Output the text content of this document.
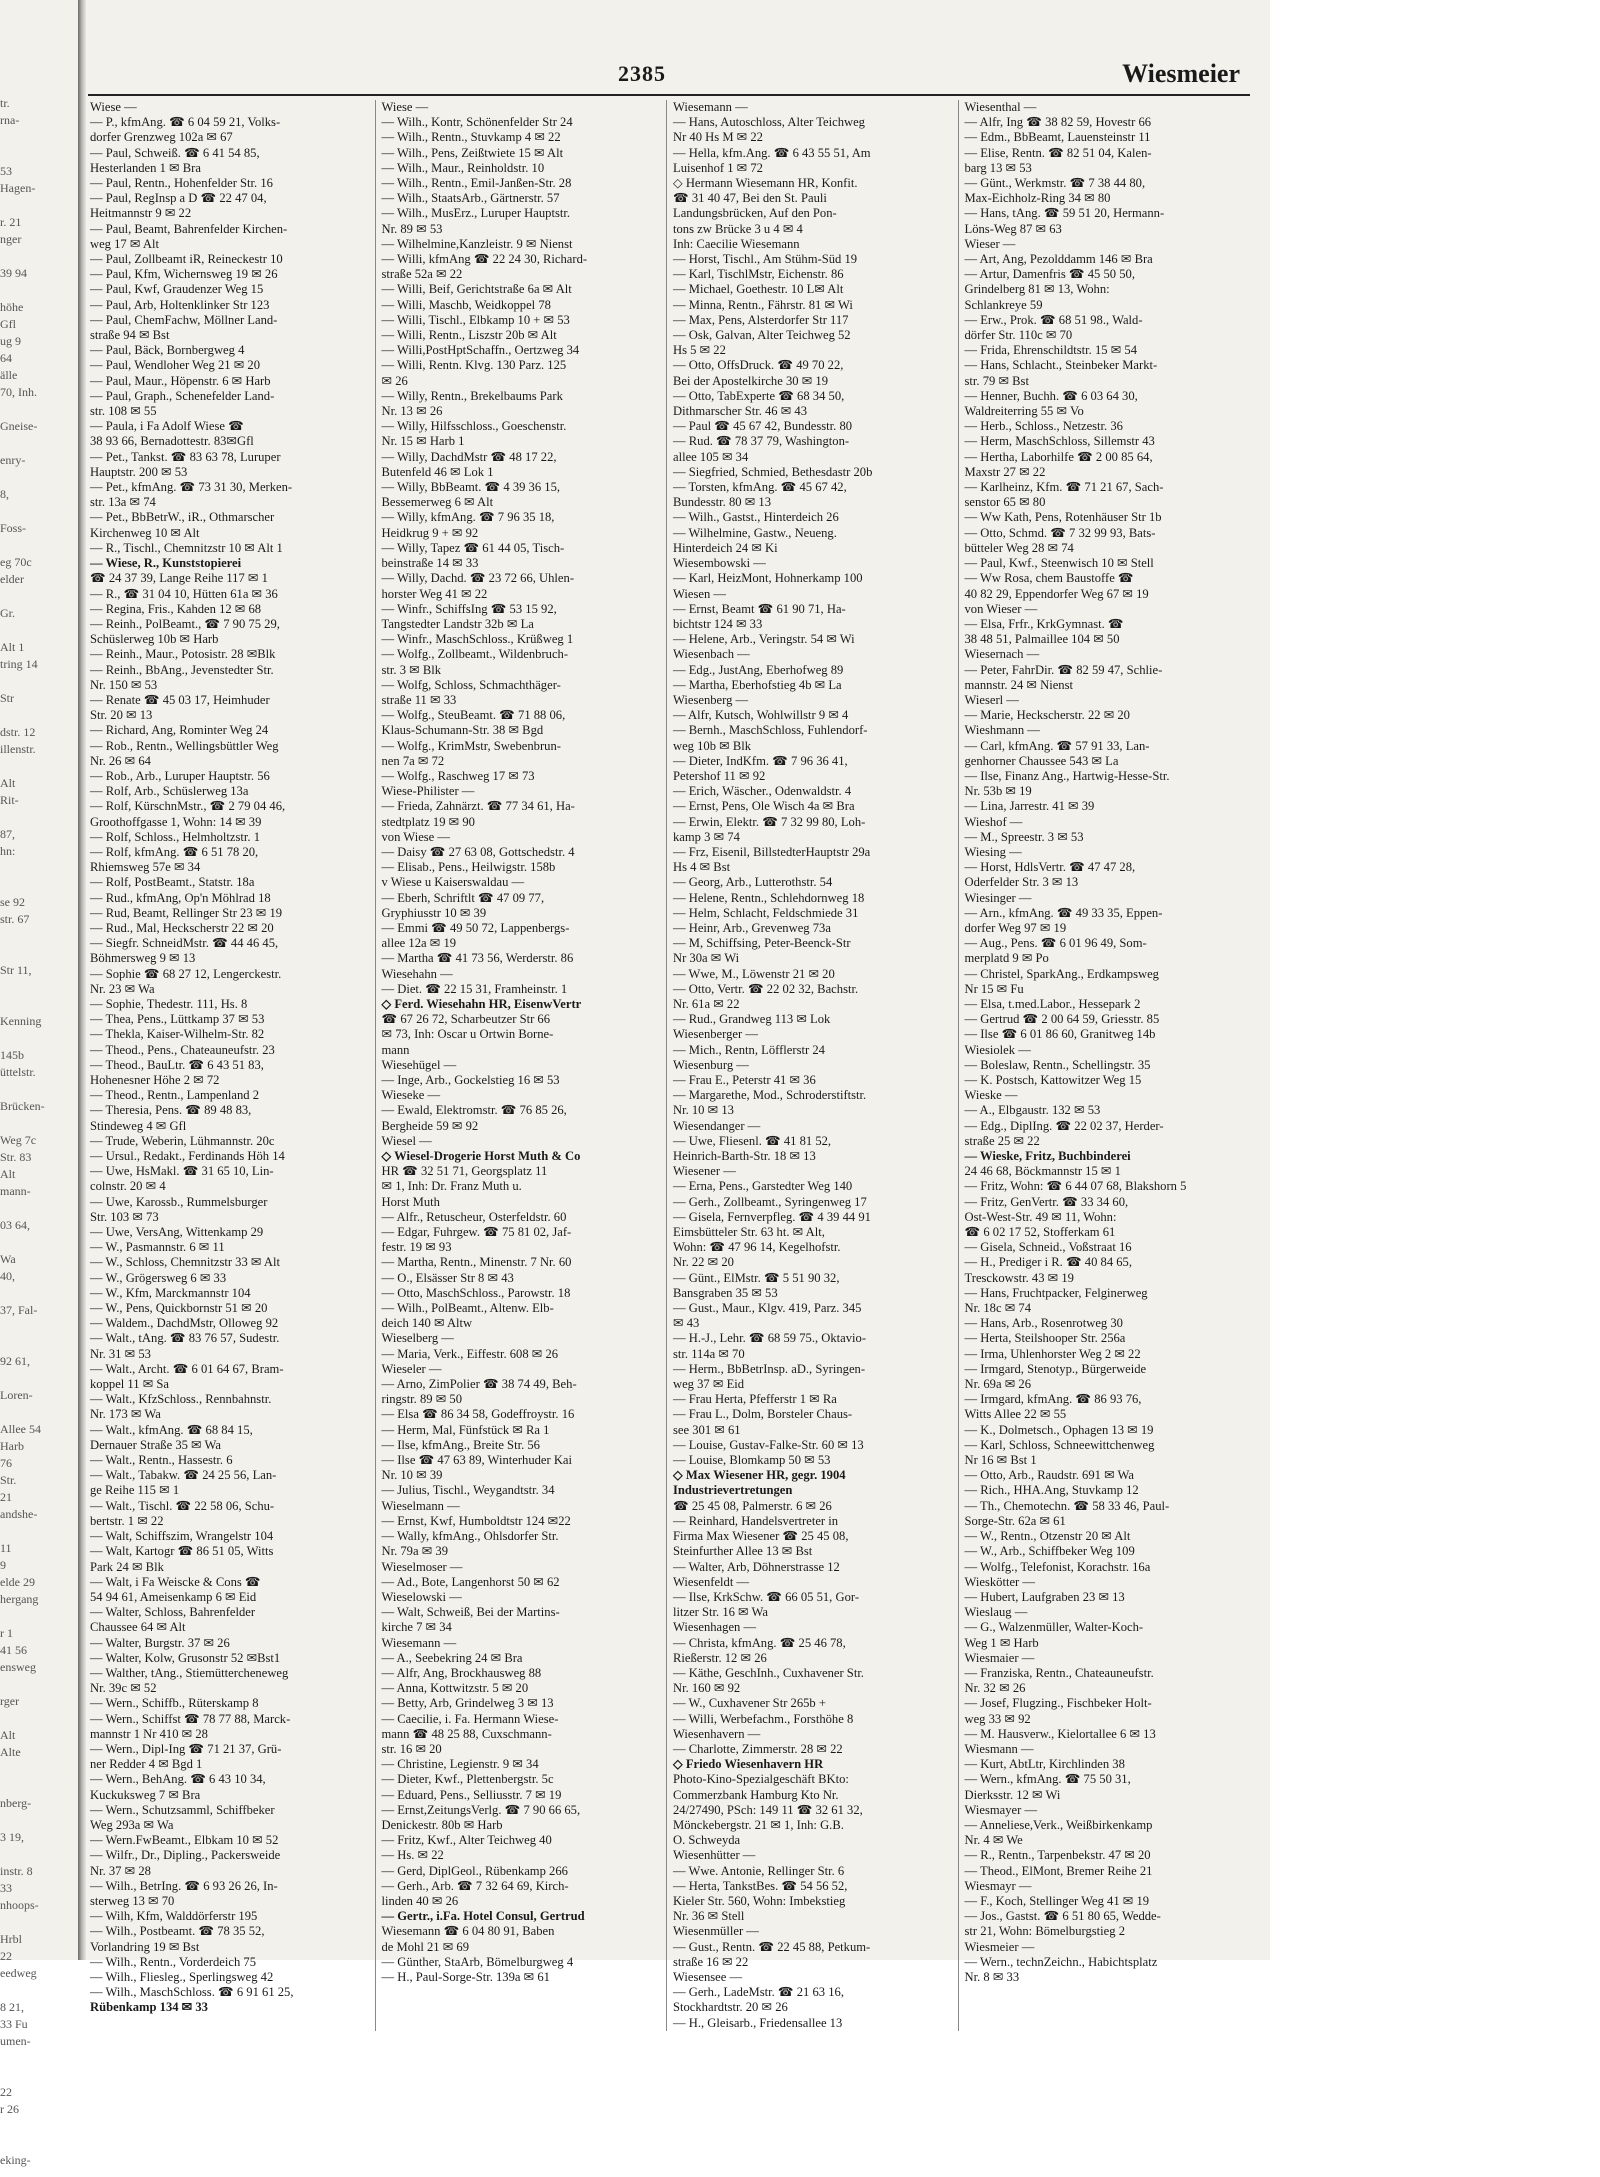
tr.
rna-

53
Hagen-

r. 21
nger

39 94

höhe
Gfl
ug 9
64
älle
70, Inh.

Gneise-

enry-

8,

Foss-

eg 70c
elder

Gr.

Alt 1
tring 14

Str

dstr. 12
illenstr.

Alt
Rit-

87,
hn:

se 92
str. 67

Str 11,

Kenning

145b
üttelstr.

Brücken-

Weg 7c
Str. 83
Alt
mann-

03 64,

Wa
40,

37, Fal-

92 61,

Loren-

Allee 54
Harb
76
Str.
21
andshe-

11
9
elde 29
hergang

r 1
41 56
ensweg

rger

Alt
Alte

nberg-

3 19,

instr. 8
33
nhoops-

Hrbl
22
eedweg

8 21,
33 Fu
umen-

22
r 26

eking-
2385	Wiesmeier
Wiese —
— P., kfmAng. ☎ 6 04 59 21, Volks-
dorfer Grenzweg 102a ✉ 67
— Paul, Schweiß. ☎ 6 41 54 85,
Hesterlanden 1 ✉ Bra
— Paul, Rentn., Hohenfelder Str. 16
— Paul, RegInsp a D ☎ 22 47 04,
Heitmannstr 9 ✉ 22
— Paul, Beamt, Bahrenfelder Kirchen-
weg 17 ✉ Alt
— Paul, Zollbeamt iR, Reineckestr 10
— Paul, Kfm, Wichernsweg 19 ✉ 26
— Paul, Kwf, Graudenzer Weg 15
— Paul, Arb, Holtenklinker Str 123
— Paul, ChemFachw, Möllner Land-
straße 94 ✉ Bst
— Paul, Bäck, Bornbergweg 4
— Paul, Wendloher Weg 21 ✉ 20
— Paul, Maur., Höpenstr. 6 ✉ Harb
— Paul, Graph., Schenefelder Land-
str. 108 ✉ 55
— Paula, i Fa Adolf Wiese ☎
38 93 66, Bernadottestr. 83✉Gfl
— Pet., Tankst. ☎ 83 63 78, Luruper
Hauptstr. 200 ✉ 53
— Pet., kfmAng. ☎ 73 31 30, Merken-
str. 13a ✉ 74
— Pet., BbBetrW., iR., Othmarscher
Kirchenweg 10 ✉ Alt
— R., Tischl., Chemnitzstr 10 ✉ Alt 1
— Wiese, R., Kunststopierei
☎ 24 37 39, Lange Reihe 117 ✉ 1
— R., ☎ 31 04 10, Hütten 61a ✉ 36
— Regina, Fris., Kahden 12 ✉ 68
— Reinh., PolBeamt., ☎ 7 90 75 29,
Schüslerweg 10b ✉ Harb
— Reinh., Maur., Potosistr. 28 ✉Blk
— Reinh., BbAng., Jevenstedter Str.
Nr. 150 ✉ 53
— Renate ☎ 45 03 17, Heimhuder
Str. 20 ✉ 13
— Richard, Ang, Rominter Weg 24
— Rob., Rentn., Wellingsbüttler Weg
Nr. 26 ✉ 64
— Rob., Arb., Luruper Hauptstr. 56
— Rolf, Arb., Schüslerweg 13a
— Rolf, KürschnMstr., ☎ 2 79 04 46,
Groothoffgasse 1, Wohn: 14 ✉ 39
— Rolf, Schloss., Helmholtzstr. 1
— Rolf, kfmAng. ☎ 6 51 78 20,
Rhiemsweg 57e ✉ 34
— Rolf, PostBeamt., Statstr. 18a
— Rud., kfmAng, Op'n Möhlrad 18
— Rud, Beamt, Rellinger Str 23 ✉ 19
— Rud., Mal, Heckscherstr 22 ✉ 20
— Siegfr. SchneidMstr. ☎ 44 46 45,
Böhmersweg 9 ✉ 13
— Sophie ☎ 68 27 12, Lengerckestr.
Nr. 23 ✉ Wa
— Sophie, Thedestr. 111, Hs. 8
— Thea, Pens., Lüttkamp 37 ✉ 53
— Thekla, Kaiser-Wilhelm-Str. 82
— Theod., Pens., Chateauneufstr. 23
— Theod., BauLtr. ☎ 6 43 51 83,
Hohenesner Höhe 2 ✉ 72
— Theod., Rentn., Lampenland 2
— Theresia, Pens. ☎ 89 48 83,
Stindeweg 4 ✉ Gfl
— Trude, Weberin, Lühmannstr. 20c
— Ursul., Redakt., Ferdinands Höh 14
— Uwe, HsMakl. ☎ 31 65 10, Lin-
colnstr. 20 ✉ 4
— Uwe, Karossb., Rummelsburger
Str. 103 ✉ 73
— Uwe, VersAng, Wittenkamp 29
— W., Pasmannstr. 6 ✉ 11
— W., Schloss, Chemnitzstr 33 ✉ Alt
— W., Grögersweg 6 ✉ 33
— W., Kfm, Marckmannstr 104
— W., Pens, Quickbornstr 51 ✉ 20
— Waldem., DachdMstr, Olloweg 92
— Walt., tAng. ☎ 83 76 57, Sudestr.
Nr. 31 ✉ 53
— Walt., Archt. ☎ 6 01 64 67, Bram-
koppel 11 ✉ Sa
— Walt., KfzSchloss., Rennbahnstr.
Nr. 173 ✉ Wa
— Walt., kfmAng. ☎ 68 84 15,
Dernauer Straße 35 ✉ Wa
— Walt., Rentn., Hassestr. 6
— Walt., Tabakw. ☎ 24 25 56, Lan-
ge Reihe 115 ✉ 1
— Walt., Tischl. ☎ 22 58 06, Schu-
bertstr. 1 ✉ 22
— Walt, Schiffszim, Wrangelstr 104
— Walt, Kartogr ☎ 86 51 05, Witts
Park 24 ✉ Blk
— Walt, i Fa Weiscke & Cons ☎
54 94 61, Ameisenkamp 6 ✉ Eid
— Walter, Schloss, Bahrenfelder
Chaussee 64 ✉ Alt
— Walter, Burgstr. 37 ✉ 26
— Walter, Kolw, Grusonstr 52 ✉Bst1
— Walther, tAng., Stiemüttercheneweg
Nr. 39c ✉ 52
— Wern., Schiffb., Rüterskamp 8
— Wern., Schiffst ☎ 78 77 88, Marck-
mannstr 1 Nr 410 ✉ 28
— Wern., Dipl-Ing ☎ 71 21 37, Grü-
ner Redder 4 ✉ Bgd 1
— Wern., BehAng. ☎ 6 43 10 34,
Kuckuksweg 7 ✉ Bra
— Wern., Schutzsamml, Schiffbeker
Weg 293a ✉ Wa
— Wern.FwBeamt., Elbkam 10 ✉ 52
— Wilfr., Dr., Dipling., Packersweide
Nr. 37 ✉ 28
— Wilh., BetrIng. ☎ 6 93 26 26, In-
sterweg 13 ✉ 70
— Wilh, Kfm, Walddörferstr 195
— Wilh., Postbeamt. ☎ 78 35 52,
Vorlandring 19 ✉ Bst
— Wilh., Rentn., Vorderdeich 75
— Wilh., Fliesleg., Sperlingsweg 42
— Wilh., MaschSchloss. ☎ 6 91 61 25,
Rübenkamp 134 ✉ 33
Wiese —
— Wilh., Kontr, Schönenfelder Str 24
— Wilh., Rentn., Stuvkamp 4 ✉ 22
— Wilh., Pens, Zeißtwiete 15 ✉ Alt
— Wilh., Maur., Reinholdstr. 10
— Wilh., Rentn., Emil-Janßen-Str. 28
— Wilh., StaatsArb., Gärtnerstr. 57
— Wilh., MusErz., Luruper Hauptstr.
Nr. 89 ✉ 53
— Wilhelmine,Kanzleistr. 9 ✉ Nienst
— Willi, kfmAng ☎ 22 24 30, Richard-
straße 52a ✉ 22
— Willi, Beif, Gerichtstraße 6a ✉ Alt
— Willi, Maschb, Weidkoppel 78
— Willi, Tischl., Elbkamp 10 + ✉ 53
— Willi, Rentn., Liszstr 20b ✉ Alt
— Willi,PostHptSchaffn., Oertzweg 34
— Willi, Rentn. Klvg. 130 Parz. 125
✉ 26
— Willy, Rentn., Brekelbaums Park
Nr. 13 ✉ 26
— Willy, Hilfsschloss., Goeschenstr.
Nr. 15 ✉ Harb 1
— Willy, DachdMstr ☎ 48 17 22,
Butenfeld 46 ✉ Lok 1
— Willy, BbBeamt. ☎ 4 39 36 15,
Bessemerweg 6 ✉ Alt
— Willy, kfmAng. ☎ 7 96 35 18,
Heidkrug 9 + ✉ 92
— Willy, Tapez ☎ 61 44 05, Tisch-
beinstraße 14 ✉ 33
— Willy, Dachd. ☎ 23 72 66, Uhlen-
horster Weg 41 ✉ 22
— Winfr., SchiffsIng ☎ 53 15 92,
Tangstedter Landstr 32b ✉ La
— Winfr., MaschSchloss., Krüßweg 1
— Wolfg., Zollbeamt., Wildenbruch-
str. 3 ✉ Blk
— Wolfg, Schloss, Schmachthäger-
straße 11 ✉ 33
— Wolfg., SteuBeamt. ☎ 71 88 06,
Klaus-Schumann-Str. 38 ✉ Bgd
— Wolfg., KrimMstr, Swebenbrun-
nen 7a ✉ 72
— Wolfg., Raschweg 17 ✉ 73
Wiese-Philister —
— Frieda, Zahnärzt. ☎ 77 34 61, Ha-
stedtplatz 19 ✉ 90
von Wiese —
— Daisy ☎ 27 63 08, Gottschedstr. 4
— Elisab., Pens., Heilwigstr. 158b
v Wiese u Kaiserswaldau —
— Eberh, Schriftlt ☎ 47 09 77,
Gryphiusstr 10 ✉ 39
— Emmi ☎ 49 50 72, Lappenbergs-
allee 12a ✉ 19
— Martha ☎ 41 73 56, Werderstr. 86
Wiesehahn —
— Diet. ☎ 22 15 31, Framheinstr. 1
◇ Ferd. Wiesehahn HR, EisenwVertr
☎ 67 26 72, Scharbeutzer Str 66
✉ 73, Inh: Oscar u Ortwin Borne-
mann
Wiesehügel —
— Inge, Arb., Gockelstieg 16 ✉ 53
Wieseke —
— Ewald, Elektromstr. ☎ 76 85 26,
Bergheide 59 ✉ 92
Wiesel —
◇ Wiesel-Drogerie Horst Muth & Co
HR ☎ 32 51 71, Georgsplatz 11
✉ 1, Inh: Dr. Franz Muth u.
Horst Muth
— Alfr., Retuscheur, Osterfeldstr. 60
— Edgar, Fuhrgew. ☎ 75 81 02, Jaf-
festr. 19 ✉ 93
— Martha, Rentn., Minenstr. 7 Nr. 60
— O., Elsässer Str 8 ✉ 43
— Otto, MaschSchloss., Parowstr. 18
— Wilh., PolBeamt., Altenw. Elb-
deich 140 ✉ Altw
Wieselberg —
— Maria, Verk., Eiffestr. 608 ✉ 26
Wieseler —
— Arno, ZimPolier ☎ 38 74 49, Beh-
ringstr. 89 ✉ 50
— Elsa ☎ 86 34 58, Godeffroystr. 16
— Herm, Mal, Fünfstück ✉ Ra 1
— Ilse, kfmAng., Breite Str. 56
— Ilse ☎ 47 63 89, Winterhuder Kai
Nr. 10 ✉ 39
— Julius, Tischl., Weygandtstr. 34
Wieselmann —
— Ernst, Kwf, Humboldtstr 124 ✉22
— Wally, kfmAng., Ohlsdorfer Str.
Nr. 79a ✉ 39
Wieselmoser —
— Ad., Bote, Langenhorst 50 ✉ 62
Wieselowski —
— Walt, Schweiß, Bei der Martins-
kirche 7 ✉ 34
Wiesemann —
— A., Seebekring 24 ✉ Bra
— Alfr, Ang, Brockhausweg 88
— Anna, Kottwitzstr. 5 ✉ 20
— Betty, Arb, Grindelweg 3 ✉ 13
— Caecilie, i. Fa. Hermann Wiese-
mann ☎ 48 25 88, Cuxschmann-
str. 16 ✉ 20
— Christine, Legienstr. 9 ✉ 34
— Dieter, Kwf., Plettenbergstr. 5c
— Eduard, Pens., Selliusstr. 7 ✉ 19
— Ernst,ZeitungsVerlg. ☎ 7 90 66 65,
Denickestr. 80b ✉ Harb
— Fritz, Kwf., Alter Teichweg 40
— Hs. ✉ 22
— Gerd, DiplGeol., Rübenkamp 266
— Gerh., Arb. ☎ 7 32 64 69, Kirch-
linden 40 ✉ 26
— Gertr., i.Fa. Hotel Consul, Gertrud
Wiesemann ☎ 6 04 80 91, Baben
de Mohl 21 ✉ 69
— Günther, StaArb, Bömelburgweg 4
— H., Paul-Sorge-Str. 139a ✉ 61
Wiesemann —
— Hans, Autoschloss, Alter Teichweg
Nr 40 Hs M ✉ 22
— Hella, kfm.Ang. ☎ 6 43 55 51, Am
Luisenhof 1 ✉ 72
◇ Hermann Wiesemann HR, Konfit.
☎ 31 40 47, Bei den St. Pauli
Landungsbrücken, Auf den Pon-
tons zw Brücke 3 u 4 ✉ 4
Inh: Caecilie Wiesemann
— Horst, Tischl., Am Stühm-Süd 19
— Karl, TischlMstr, Eichenstr. 86
— Michael, Goethestr. 10 L✉ Alt
— Minna, Rentn., Fährstr. 81 ✉ Wi
— Max, Pens, Alsterdorfer Str 117
— Osk, Galvan, Alter Teichweg 52
Hs 5 ✉ 22
— Otto, OffsDruck. ☎ 49 70 22,
Bei der Apostelkirche 30 ✉ 19
— Otto, TabExperte ☎ 68 34 50,
Dithmarscher Str. 46 ✉ 43
— Paul ☎ 45 67 42, Bundesstr. 80
— Rud. ☎ 78 37 79, Washington-
allee 105 ✉ 34
— Siegfried, Schmied, Bethesdastr 20b
— Torsten, kfmAng. ☎ 45 67 42,
Bundesstr. 80 ✉ 13
— Wilh., Gastst., Hinterdeich 26
— Wilhelmine, Gastw., Neueng.
Hinterdeich 24 ✉ Ki
Wiesembowski —
— Karl, HeizMont, Hohnerkamp 100
Wiesen —
— Ernst, Beamt ☎ 61 90 71, Ha-
bichtstr 124 ✉ 33
— Helene, Arb., Veringstr. 54 ✉ Wi
Wiesenbach —
— Edg., JustAng, Eberhofweg 89
— Martha, Eberhofstieg 4b ✉ La
Wiesenberg —
— Alfr, Kutsch, Wohlwillstr 9 ✉ 4
— Bernh., MaschSchloss, Fuhlendorf-
weg 10b ✉ Blk
— Dieter, IndKfm. ☎ 7 96 36 41,
Petershof 11 ✉ 92
— Erich, Wäscher., Odenwaldstr. 4
— Ernst, Pens, Ole Wisch 4a ✉ Bra
— Erwin, Elektr. ☎ 7 32 99 80, Loh-
kamp 3 ✉ 74
— Frz, Eisenil, BillstedterHauptstr 29a
Hs 4 ✉ Bst
— Georg, Arb., Lutterothstr. 54
— Helene, Rentn., Schlehdornweg 18
— Helm, Schlacht, Feldschmiede 31
— Heinr, Arb., Grevenweg 73a
— M, Schiffsing, Peter-Beenck-Str
Nr 30a ✉ Wi
— Wwe, M., Löwenstr 21 ✉ 20
— Otto, Vertr. ☎ 22 02 32, Bachstr.
Nr. 61a ✉ 22
— Rud., Grandweg 113 ✉ Lok
Wiesenberger —
— Mich., Rentn, Löfflerstr 24
Wiesenburg —
— Frau E., Peterstr 41 ✉ 36
— Margarethe, Mod., Schroderstiftstr.
Nr. 10 ✉ 13
Wiesendanger —
— Uwe, Fliesenl. ☎ 41 81 52,
Heinrich-Barth-Str. 18 ✉ 13
Wiesener —
— Erna, Pens., Garstedter Weg 140
— Gerh., Zollbeamt., Syringenweg 17
— Gisela, Fernverpfleg. ☎ 4 39 44 91
Eimsbütteler Str. 63 ht. ✉ Alt,
Wohn: ☎ 47 96 14, Kegelhofstr.
Nr. 22 ✉ 20
— Günt., ElMstr. ☎ 5 51 90 32,
Bansgraben 35 ✉ 53
— Gust., Maur., Klgv. 419, Parz. 345
✉ 43
— H.-J., Lehr. ☎ 68 59 75., Oktavio-
str. 114a ✉ 70
— Herm., BbBetrInsp. aD., Syringen-
weg 37 ✉ Eid
— Frau Herta, Pfefferstr 1 ✉ Ra
— Frau L., Dolm, Borsteler Chaus-
see 301 ✉ 61
— Louise, Gustav-Falke-Str. 60 ✉ 13
— Louise, Blomkamp 50 ✉ 53
◇ Max Wiesener HR, gegr. 1904
Industrievertretungen
☎ 25 45 08, Palmerstr. 6 ✉ 26
— Reinhard, Handelsvertreter in
Firma Max Wiesener ☎ 25 45 08,
Steinfurther Allee 13 ✉ Bst
— Walter, Arb, Döhnerstrasse 12
Wiesenfeldt —
— Ilse, KrkSchw. ☎ 66 05 51, Gor-
litzer Str. 16 ✉ Wa
Wiesenhagen —
— Christa, kfmAng. ☎ 25 46 78,
Rießerstr. 12 ✉ 26
— Käthe, GeschInh., Cuxhavener Str.
Nr. 160 ✉ 92
— W., Cuxhavener Str 265b +
— Willi, Werbefachm., Forsthöhe 8
Wiesenhavern —
— Charlotte, Zimmerstr. 28 ✉ 22
◇ Friedo Wiesenhavern HR
Photo-Kino-Spezialgeschäft BKto:
Commerzbank Hamburg Kto Nr.
24/27490, PSch: 149 11 ☎ 32 61 32,
Mönckebergstr. 21 ✉ 1, Inh: G.B.
O. Schweyda
Wiesenhütter —
— Wwe. Antonie, Rellinger Str. 6
— Herta, TankstBes. ☎ 54 56 52,
Kieler Str. 560, Wohn: Imbekstieg
Nr. 36 ✉ Stell
Wiesenmüller —
— Gust., Rentn. ☎ 22 45 88, Petkum-
straße 16 ✉ 22
Wiesensee —
— Gerh., LadeMstr. ☎ 21 63 16,
Stockhardtstr. 20 ✉ 26
— H., Gleisarb., Friedensallee 13
Wiesenthal —
— Alfr, Ing ☎ 38 82 59, Hovestr 66
— Edm., BbBeamt, Lauensteinstr 11
— Elise, Rentn. ☎ 82 51 04, Kalen-
barg 13 ✉ 53
— Günt., Werkmstr. ☎ 7 38 44 80,
Max-Eichholz-Ring 34 ✉ 80
— Hans, tAng. ☎ 59 51 20, Hermann-
Löns-Weg 87 ✉ 63
Wieser —
— Art, Ang, Pezolddamm 146 ✉ Bra
— Artur, Damenfris ☎ 45 50 50,
Grindelberg 81 ✉ 13, Wohn:
Schlankreye 59
— Erw., Prok. ☎ 68 51 98., Wald-
dörfer Str. 110c ✉ 70
— Frida, Ehrenschildtstr. 15 ✉ 54
— Hans, Schlacht., Steinbeker Markt-
str. 79 ✉ Bst
— Henner, Buchh. ☎ 6 03 64 30,
Waldreiterring 55 ✉ Vo
— Herb., Schloss., Netzestr. 36
— Herm, MaschSchloss, Sillemstr 43
— Hertha, Laborhilfe ☎ 2 00 85 64,
Maxstr 27 ✉ 22
— Karlheinz, Kfm. ☎ 71 21 67, Sach-
senstor 65 ✉ 80
— Ww Kath, Pens, Rotenhäuser Str 1b
— Otto, Schmd. ☎ 7 32 99 93, Bats-
bütteler Weg 28 ✉ 74
— Paul, Kwf., Steenwisch 10 ✉ Stell
— Ww Rosa, chem Baustoffe ☎
40 82 29, Eppendorfer Weg 67 ✉ 19
von Wieser —
— Elsa, Frfr., KrkGymnast. ☎
38 48 51, Palmaillee 104 ✉ 50
Wiesernach —
— Peter, FahrDir. ☎ 82 59 47, Schlie-
mannstr. 24 ✉ Nienst
Wieserl —
— Marie, Heckscherstr. 22 ✉ 20
Wieshmann —
— Carl, kfmAng. ☎ 57 91 33, Lan-
genhorner Chaussee 543 ✉ La
— Ilse, Finanz Ang., Hartwig-Hesse-Str.
Nr. 53b ✉ 19
— Lina, Jarrestr. 41 ✉ 39
Wieshof —
— M., Spreestr. 3 ✉ 53
Wiesing —
— Horst, HdlsVertr. ☎ 47 47 28,
Oderfelder Str. 3 ✉ 13
Wiesinger —
— Arn., kfmAng. ☎ 49 33 35, Eppen-
dorfer Weg 97 ✉ 19
— Aug., Pens. ☎ 6 01 96 49, Som-
merplatd 9 ✉ Po
— Christel, SparkAng., Erdkampsweg
Nr 15 ✉ Fu
— Elsa, t.med.Labor., Hessepark 2
— Gertrud ☎ 2 00 64 59, Griesstr. 85
— Ilse ☎ 6 01 86 60, Granitweg 14b
Wiesiolek —
— Boleslaw, Rentn., Schellingstr. 35
— K. Postsch, Kattowitzer Weg 15
Wieske —
— A., Elbgaustr. 132 ✉ 53
— Edg., DiplIng. ☎ 22 02 37, Herder-
straße 25 ✉ 22
— Wieske, Fritz, Buchbinderei
24 46 68, Böckmannstr 15 ✉ 1
— Fritz, Wohn: ☎ 6 44 07 68, Blakshorn 5
— Fritz, GenVertr. ☎ 33 34 60,
Ost-West-Str. 49 ✉ 11, Wohn:
☎ 6 02 17 52, Stofferkam 61
— Gisela, Schneid., Voßstraat 16
— H., Prediger i R. ☎ 40 84 65,
Tresckowstr. 43 ✉ 19
— Hans, Fruchtpacker, Felginerweg
Nr. 18c ✉ 74
— Hans, Arb., Rosenrotweg 30
— Herta, Steilshooper Str. 256a
— Irma, Uhlenhorster Weg 2 ✉ 22
— Irmgard, Stenotyp., Bürgerweide
Nr. 69a ✉ 26
— Irmgard, kfmAng. ☎ 86 93 76,
Witts Allee 22 ✉ 55
— K., Dolmetsch., Ophagen 13 ✉ 19
— Karl, Schloss, Schneewittchenweg
Nr 16 ✉ Bst 1
— Otto, Arb., Raudstr. 691 ✉ Wa
— Rich., HHA.Ang, Stuvkamp 12
— Th., Chemotechn. ☎ 58 33 46, Paul-
Sorge-Str. 62a ✉ 61
— W., Rentn., Otzenstr 20 ✉ Alt
— W., Arb., Schiffbeker Weg 109
— Wolfg., Telefonist, Korachstr. 16a
Wieskötter —
— Hubert, Laufgraben 23 ✉ 13
Wieslaug —
— G., Walzenmüller, Walter-Koch-
Weg 1 ✉ Harb
Wiesmaier —
— Franziska, Rentn., Chateauneufstr.
Nr. 32 ✉ 26
— Josef, Flugzing., Fischbeker Holt-
weg 33 ✉ 92
— M. Hausverw., Kielortallee 6 ✉ 13
Wiesmann —
— Kurt, AbtLtr, Kirchlinden 38
— Wern., kfmAng. ☎ 75 50 31,
Dierksstr. 12 ✉ Wi
Wiesmayer —
— Anneliese,Verk., Weißbirkenkamp
Nr. 4 ✉ We
— R., Rentn., Tarpenbekstr. 47 ✉ 20
— Theod., ElMont, Bremer Reihe 21
Wiesmayr —
— F., Koch, Stellinger Weg 41 ✉ 19
— Jos., Gastst. ☎ 6 51 80 65, Wedde-
str 21, Wohn: Bömelburgstieg 2
Wiesmeier —
— Wern., technZeichn., Habichtsplatz
Nr. 8 ✉ 33
